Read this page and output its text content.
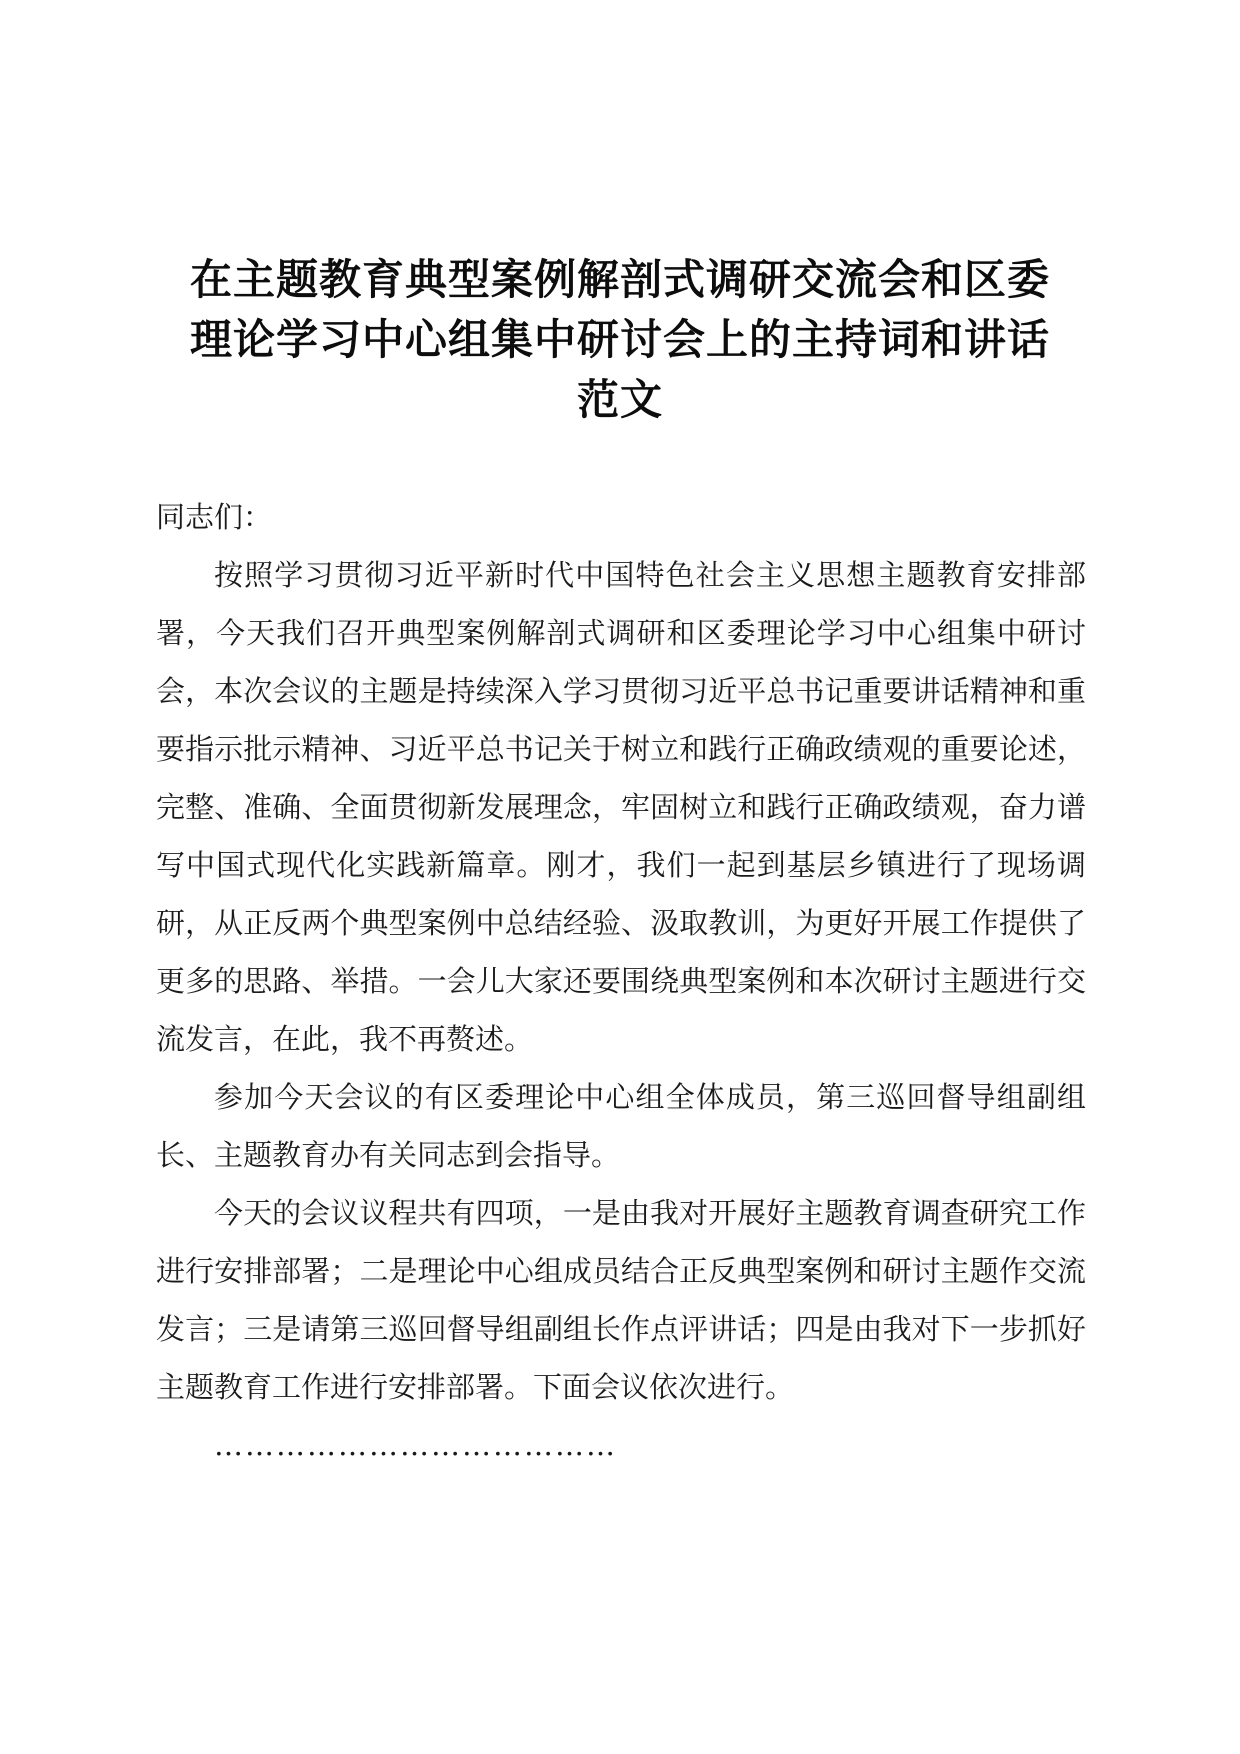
在主题教育典型案例解剖式调研交流会和区委
理论学习中心组集中研讨会上的主持词和讲话
范文

同志们：

按照学习贯彻习近平新时代中国特色社会主义思想主题教育安排部署，今天我们召开典型案例解剖式调研和区委理论学习中心组集中研讨会，本次会议的主题是持续深入学习贯彻习近平总书记重要讲话精神和重要指示批示精神、习近平总书记关于树立和践行正确政绩观的重要论述，完整、准确、全面贯彻新发展理念，牢固树立和践行正确政绩观，奋力谱写中国式现代化实践新篇章。刚才，我们一起到基层乡镇进行了现场调研，从正反两个典型案例中总结经验、汲取教训，为更好开展工作提供了更多的思路、举措。一会儿大家还要围绕典型案例和本次研讨主题进行交流发言，在此，我不再赘述。

参加今天会议的有区委理论中心组全体成员，第三巡回督导组副组长、主题教育办有关同志到会指导。

今天的会议议程共有四项，一是由我对开展好主题教育调查研究工作进行安排部署；二是理论中心组成员结合正反典型案例和研讨主题作交流发言；三是请第三巡回督导组副组长作点评讲话；四是由我对下一步抓好主题教育工作进行安排部署。下面会议依次进行。

…………………………………
